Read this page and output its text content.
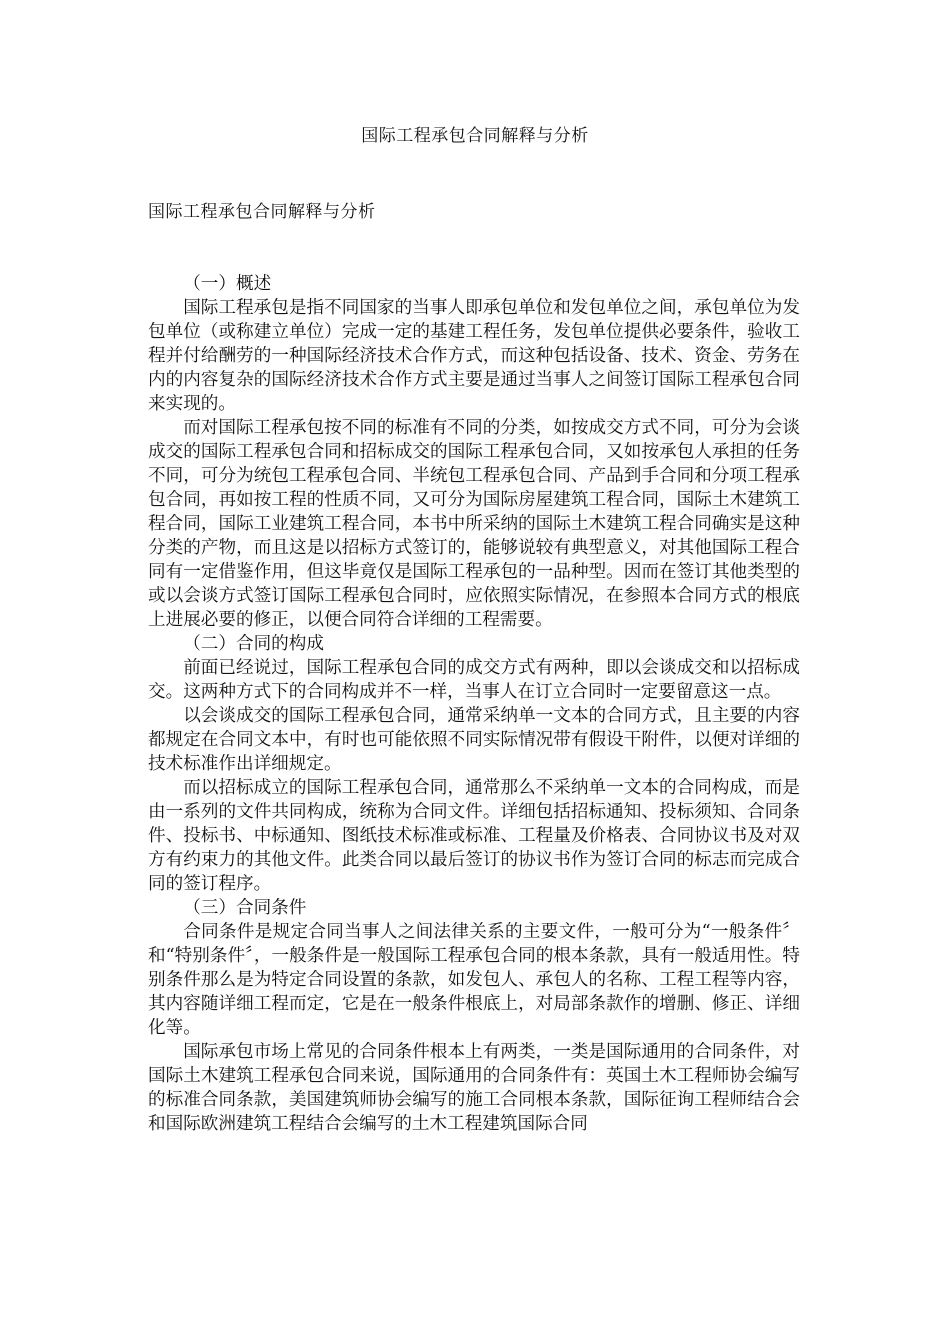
国际工程承包合同解释与分析
国际工程承包合同解释与分析

（一）概述

国际工程承包是指不同国家的当事人即承包单位和发包单位之间，承包单位为发包单位（或称建立单位）完成一定的基建工程任务，发包单位提供必要条件，验收工程并付给酬劳的一种国际经济技术合作方式，而这种包括设备、技术、资金、劳务在内的内容复杂的国际经济技术合作方式主要是通过当事人之间签订国际工程承包合同来实现的。

而对国际工程承包按不同的标准有不同的分类，如按成交方式不同，可分为会谈成交的国际工程承包合同和招标成交的国际工程承包合同，又如按承包人承担的任务不同，可分为统包工程承包合同、半统包工程承包合同、产品到手合同和分项工程承包合同，再如按工程的性质不同，又可分为国际房屋建筑工程合同，国际土木建筑工程合同，国际工业建筑工程合同，本书中所采纳的国际土木建筑工程合同确实是这种分类的产物，而且这是以招标方式签订的，能够说较有典型意义，对其他国际工程合同有一定借鉴作用，但这毕竟仅是国际工程承包的一品种型。因而在签订其他类型的或以会谈方式签订国际工程承包合同时，应依照实际情况，在参照本合同方式的根底上进展必要的修正，以便合同符合详细的工程需要。

（二）合同的构成

前面已经说过，国际工程承包合同的成交方式有两种，即以会谈成交和以招标成交。这两种方式下的合同构成并不一样，当事人在订立合同时一定要留意这一点。

以会谈成交的国际工程承包合同，通常采纳单一文本的合同方式，且主要的内容都规定在合同文本中，有时也可能依照不同实际情况带有假设干附件，以便对详细的技术标准作出详细规定。

而以招标成立的国际工程承包合同，通常那么不采纳单一文本的合同构成，而是由一系列的文件共同构成，统称为合同文件。详细包括招标通知、投标须知、合同条件、投标书、中标通知、图纸技术标准或标准、工程量及价格表、合同协议书及对双方有约束力的其他文件。此类合同以最后签订的协议书作为签订合同的标志而完成合同的签订程序。

（三）合同条件

合同条件是规定合同当事人之间法律关系的主要文件，一般可分为“一般条件〞和“特别条件〞，一般条件是一般国际工程承包合同的根本条款，具有一般适用性。特别条件那么是为特定合同设置的条款，如发包人、承包人的名称、工程工程等内容，其内容随详细工程而定，它是在一般条件根底上，对局部条款作的增删、修正、详细化等。

国际承包市场上常见的合同条件根本上有两类，一类是国际通用的合同条件，对国际土木建筑工程承包合同来说，国际通用的合同条件有：英国土木工程师协会编写的标准合同条款，美国建筑师协会编写的施工合同根本条款，国际征询工程师结合会和国际欧洲建筑工程结合会编写的土木工程建筑国际合同
